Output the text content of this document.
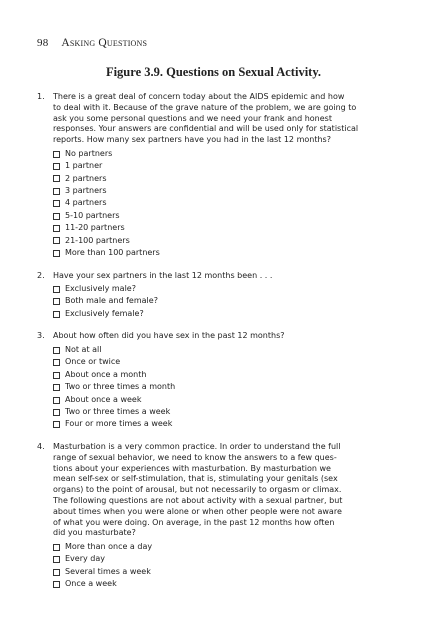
98 Asking Questions
Figure 3.9. Questions on Sexual Activity.
1.	There is a great deal of concern today about the AIDS epidemic and how
to deal with it. Because of the grave nature of the problem, we are going to
ask you some personal questions and we need your frank and honest
responses. Your answers are confidential and will be used only for statistical
reports. How many sex partners have you had in the last 12 months?
No partners
1 partner
2 partners
3 partners
4 partners
5-10 partners
11-20 partners
21-100 partners
More than 100 partners
2.	Have your sex partners in the last 12 months been . . .
Exclusively male?
Both male and female?
Exclusively female?
3.	About how often did you have sex in the past 12 months?
Not at all
Once or twice
About once a month
Two or three times a month
About once a week
Two or three times a week
Four or more times a week
4.	Masturbation is a very common practice. In order to understand the full
range of sexual behavior, we need to know the answers to a few ques-
tions about your experiences with masturbation. By masturbation we
mean self-sex or self-stimulation, that is, stimulating your genitals (sex
organs) to the point of arousal, but not necessarily to orgasm or climax.
The following questions are not about activity with a sexual partner, but
about times when you were alone or when other people were not aware
of what you were doing. On average, in the past 12 months how often
did you masturbate?
More than once a day
Every day
Several times a week
Once a week
